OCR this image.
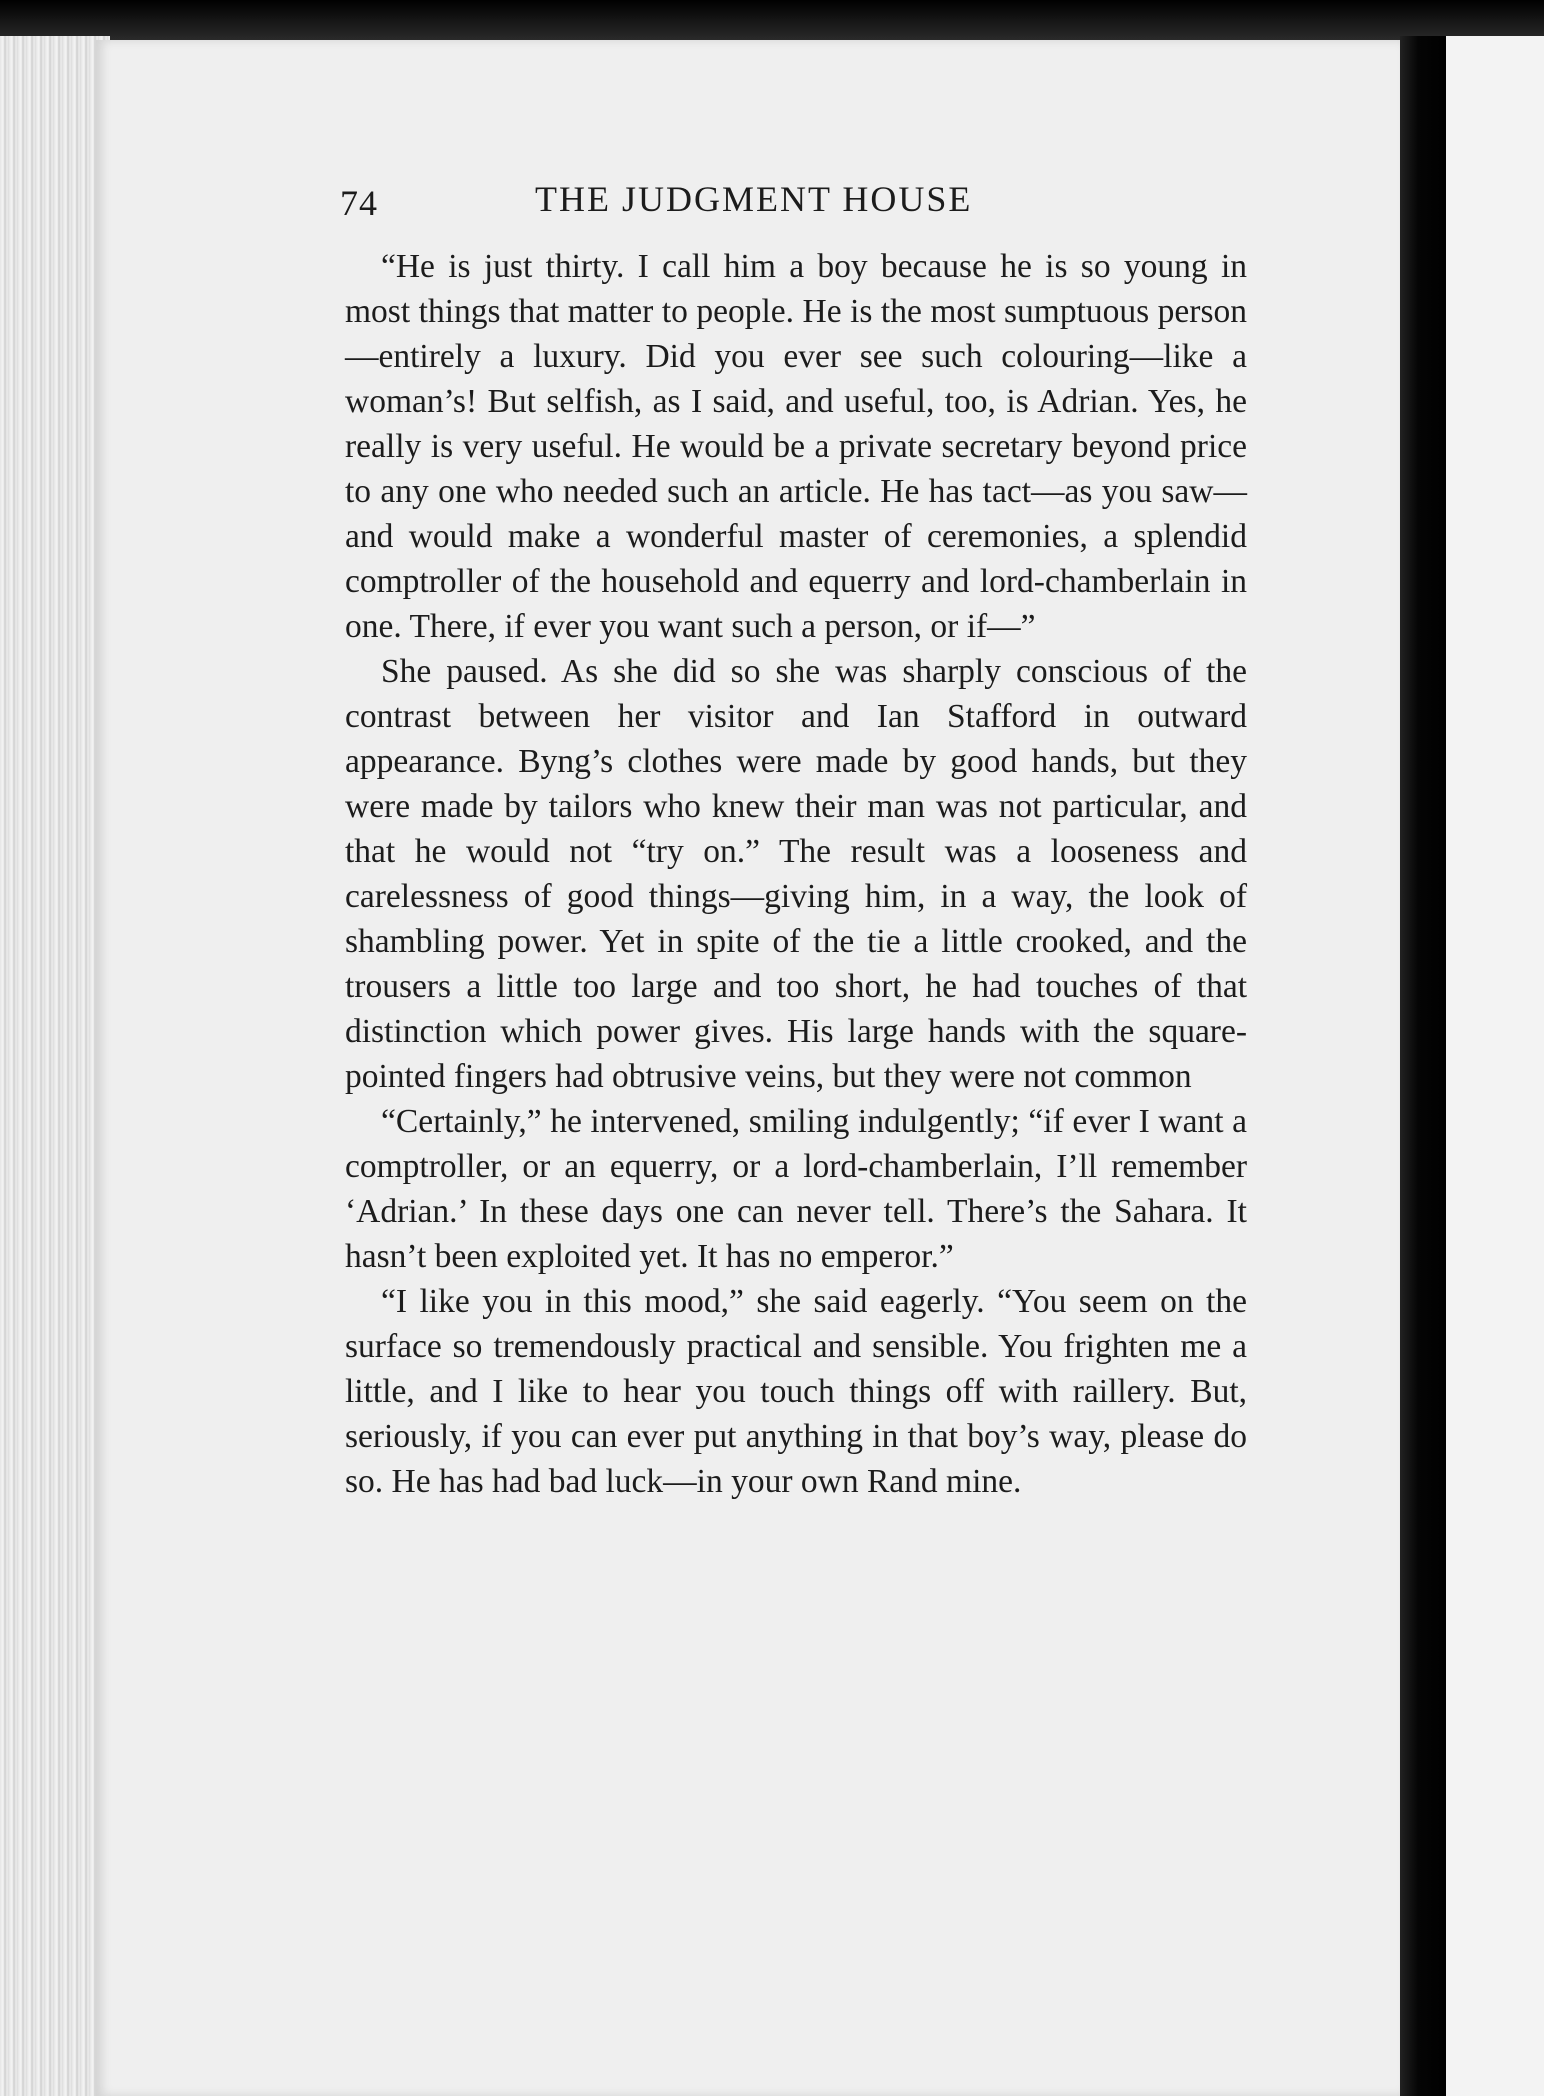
74	THE JUDGMENT HOUSE

“He is just thirty. I call him a boy because he is so young in most things that matter to people. He is the most sumptuous person—entirely a luxury. Did you ever see such colouring—like a woman’s! But selfish, as I said, and useful, too, is Adrian. Yes, he really is very useful. He would be a private secretary beyond price to any one who needed such an article. He has tact—as you saw—and would make a wonderful master of ceremonies, a splendid comptroller of the household and equerry and lord-chamberlain in one. There, if ever you want such a person, or if—”

She paused. As she did so she was sharply conscious of the contrast between her visitor and Ian Stafford in outward appearance. Byng’s clothes were made by good hands, but they were made by tailors who knew their man was not particular, and that he would not “try on.” The result was a looseness and carelessness of good things—giving him, in a way, the look of shambling power. Yet in spite of the tie a little crooked, and the trousers a little too large and too short, he had touches of that distinction which power gives. His large hands with the square-pointed fingers had obtrusive veins, but they were not common

“Certainly,” he intervened, smiling indulgently; “if ever I want a comptroller, or an equerry, or a lord-chamberlain, I’ll remember ‘Adrian.’ In these days one can never tell. There’s the Sahara. It hasn’t been exploited yet. It has no emperor.”

“I like you in this mood,” she said eagerly. “You seem on the surface so tremendously practical and sensible. You frighten me a little, and I like to hear you touch things off with raillery. But, seriously, if you can ever put anything in that boy’s way, please do so. He has had bad luck—in your own Rand mine.
